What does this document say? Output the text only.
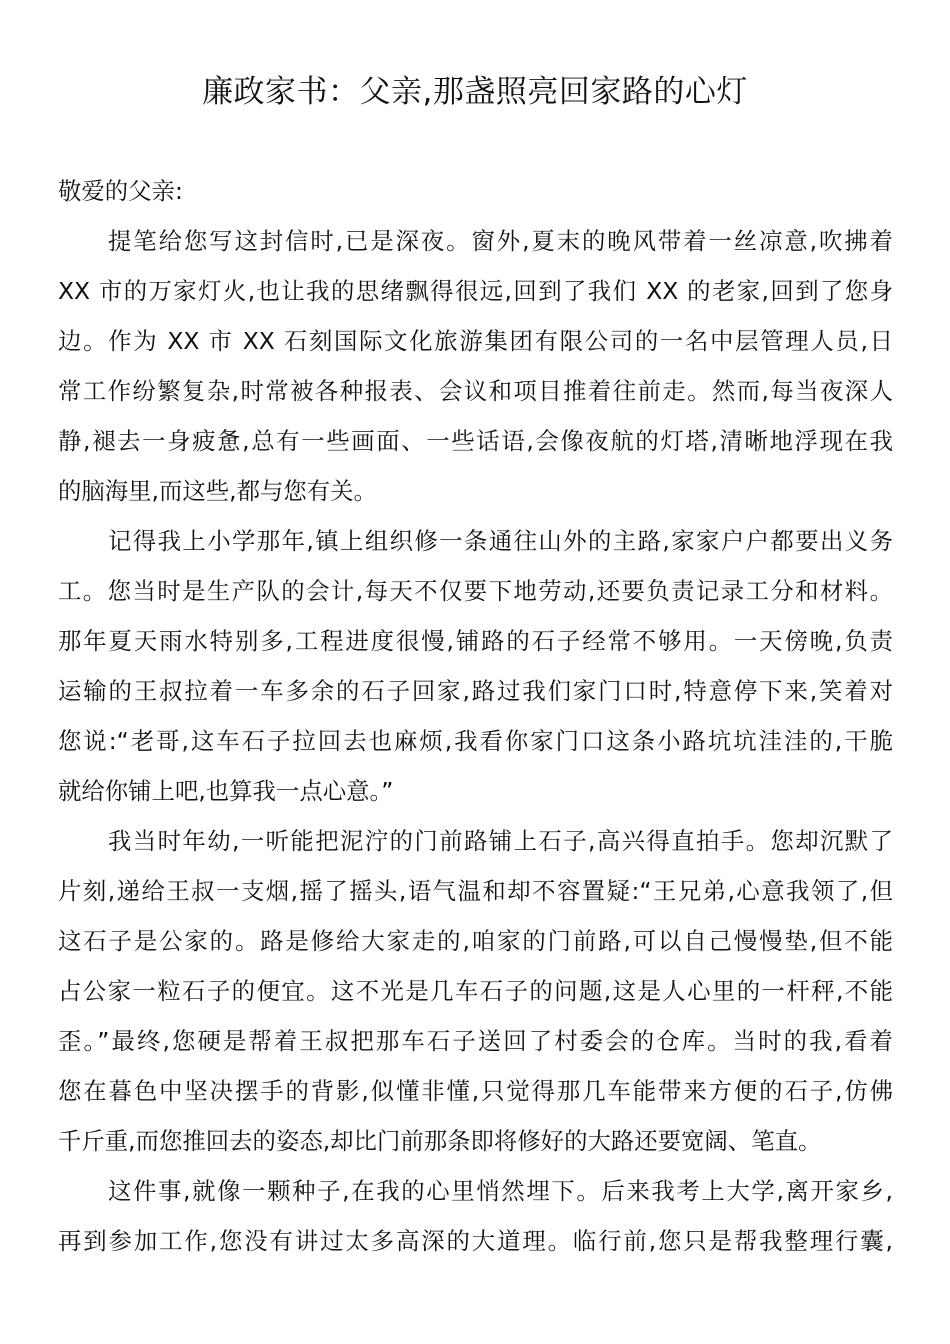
廉政家书：父亲,那盏照亮回家路的心灯
敬爱的父亲:
提笔给您写这封信时,已是深夜。窗外,夏末的晚风带着一丝凉意,吹拂着
XX 市的万家灯火,也让我的思绪飘得很远,回到了我们 XX 的老家,回到了您身
边。作为 XX 市 XX 石刻国际文化旅游集团有限公司的一名中层管理人员,日
常工作纷繁复杂,时常被各种报表、会议和项目推着往前走。然而,每当夜深人
静,褪去一身疲惫,总有一些画面、一些话语,会像夜航的灯塔,清晰地浮现在我
的脑海里,而这些,都与您有关。
记得我上小学那年,镇上组织修一条通往山外的主路,家家户户都要出义务
工。您当时是生产队的会计,每天不仅要下地劳动,还要负责记录工分和材料。
那年夏天雨水特别多,工程进度很慢,铺路的石子经常不够用。一天傍晚,负责
运输的王叔拉着一车多余的石子回家,路过我们家门口时,特意停下来,笑着对
您说:“老哥,这车石子拉回去也麻烦,我看你家门口这条小路坑坑洼洼的,干脆
就给你铺上吧,也算我一点心意。”
我当时年幼,一听能把泥泞的门前路铺上石子,高兴得直拍手。您却沉默了
片刻,递给王叔一支烟,摇了摇头,语气温和却不容置疑:“王兄弟,心意我领了,但
这石子是公家的。路是修给大家走的,咱家的门前路,可以自己慢慢垫,但不能
占公家一粒石子的便宜。这不光是几车石子的问题,这是人心里的一杆秤,不能
歪。”最终,您硬是帮着王叔把那车石子送回了村委会的仓库。当时的我,看着
您在暮色中坚决摆手的背影,似懂非懂,只觉得那几车能带来方便的石子,仿佛
千斤重,而您推回去的姿态,却比门前那条即将修好的大路还要宽阔、笔直。
这件事,就像一颗种子,在我的心里悄然埋下。后来我考上大学,离开家乡,
再到参加工作,您没有讲过太多高深的大道理。临行前,您只是帮我整理行囊,
